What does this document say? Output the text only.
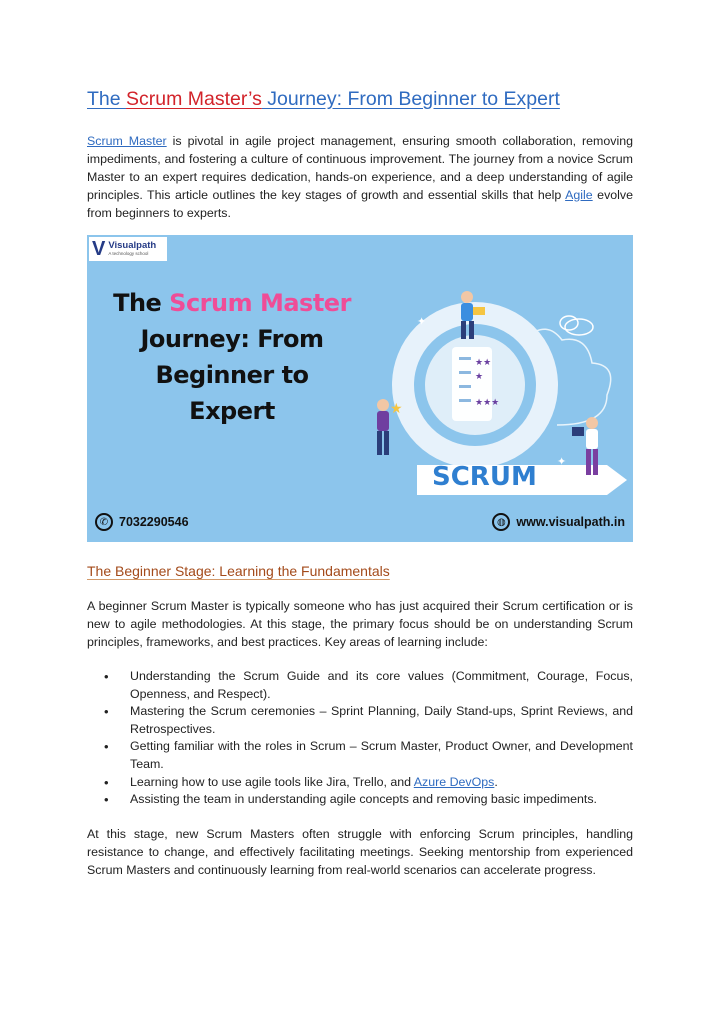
The Scrum Master’s Journey: From Beginner to Expert

Scrum Master is pivotal in agile project management, ensuring smooth collaboration, removing impediments, and fostering a culture of continuous improvement. The journey from a novice Scrum Master to an expert requires dedication, hands-on experience, and a deep understanding of agile principles. This article outlines the key stages of growth and essential skills that help Agile evolve from beginners to experts.

V Visualpath
A technology school
The Scrum Master
Journey: From Beginner to
Expert
★★
★
★★★
SCRUM
★
✦
✦
✆ 7032290546	◍ www.visualpath.in
The Beginner Stage: Learning the Fundamentals

A beginner Scrum Master is typically someone who has just acquired their Scrum certification or is new to agile methodologies. At this stage, the primary focus should be on understanding Scrum principles, frameworks, and best practices. Key areas of learning include:

• Understanding the Scrum Guide and its core values (Commitment, Courage, Focus, Openness, and Respect).
• Mastering the Scrum ceremonies – Sprint Planning, Daily Stand-ups, Sprint Reviews, and Retrospectives.
• Getting familiar with the roles in Scrum – Scrum Master, Product Owner, and Development Team.
• Learning how to use agile tools like Jira, Trello, and Azure DevOps.
• Assisting the team in understanding agile concepts and removing basic impediments.

At this stage, new Scrum Masters often struggle with enforcing Scrum principles, handling resistance to change, and effectively facilitating meetings. Seeking mentorship from experienced Scrum Masters and continuously learning from real-world scenarios can accelerate progress.
